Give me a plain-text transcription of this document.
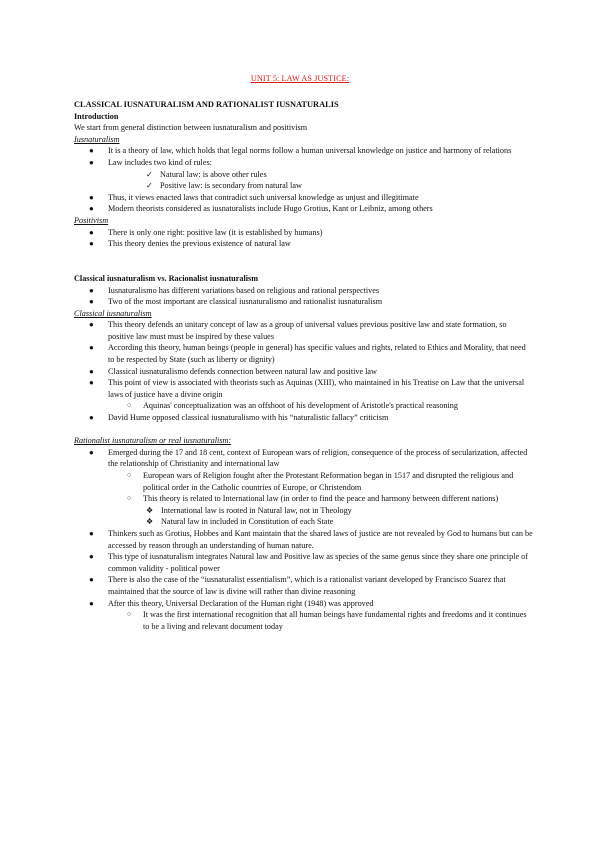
UNIT 5: LAW AS JUSTICE:
CLASSICAL IUSNATURALISM AND RATIONALIST IUSNATURALIS
Introduction
We start from general distinction between iusnaturalism and positivism
Iusnaturalism
● It is a theory of law, which holds that legal norms follow a human universal knowledge on justice and harmony of relations
● Law includes two kind of rules:
✓ Natural law: is above other rules
✓ Positive law: is secondary from natural law
● Thus, it views enacted laws that contradict such universal knowledge as unjust and illegitimate
● Modern theorists considered as iusnaturalists include Hugo Grotius, Kant or Leibniz, among others
Positivism
● There is only one right: positive law (it is established by humans)
● This theory denies the previous existence of natural law
Classical iusnaturalism vs. Racionalist iusnaturalism
● Iusnaturalismo has different variations based on religious and rational perspectives
● Two of the most important are classical iusnaturalismo and rationalist iusnaturalism
Classical iusnaturalism
● This theory defends an unitary concept of law as a group of universal values previous positive law and state formation, so positive law must must be inspired by these values
● According this theory, human beings (people in general) has specific values and rights, related to Ethics and Morality, that need to be respected by State (such as liberty or dignity)
● Classical iusnaturalismo defends connection between natural law and positive law
● This point of view is associated with theorists such as Aquinas (XIII), who maintained in his Treatise on Law that the universal laws of justice have a divine origin
○ Aquinas' conceptualization was an offshoot of his development of Aristotle's practical reasoning
● David Hume opposed classical iusnaturalismo with his “naturalistic fallacy” criticism
Rationalist iusnaturalism or real iusnaturalism:
● Emerged during the 17 and 18 cent, context of European wars of religion, consequence of the process of secularization, affected the relationship of Christianity and international law
○ European wars of Religion fought after the Protestant Reformation began in 1517 and disrupted the religious and political order in the Catholic countries of Europe, or Christendom
○ This theory is related to International law (in order to find the peace and harmony between different nations)
❖ International law is rooted in Natural law, not in Theology
❖ Natural law in included in Constitution of each State
● Thinkers such as Grotius, Hobbes and Kant maintain that the shared laws of justice are not revealed by God to humans but can be accessed by reason through an understanding of human nature.
● This type of iusnaturalism integrates Natural law and Positive law as species of the same genus since they share one principle of common validity - political power
● There is also the case of the “iusnaturalist essentialism”, which is a rationalist variant developed by Francisco Suarez that maintained that the source of law is divine will rather than divine reasoning
● After this theory, Universal Declaration of the Human right (1948) was approved
○ It was the first international recognition that all human beings have fundamental rights and freedoms and it continues to be a living and relevant document today
